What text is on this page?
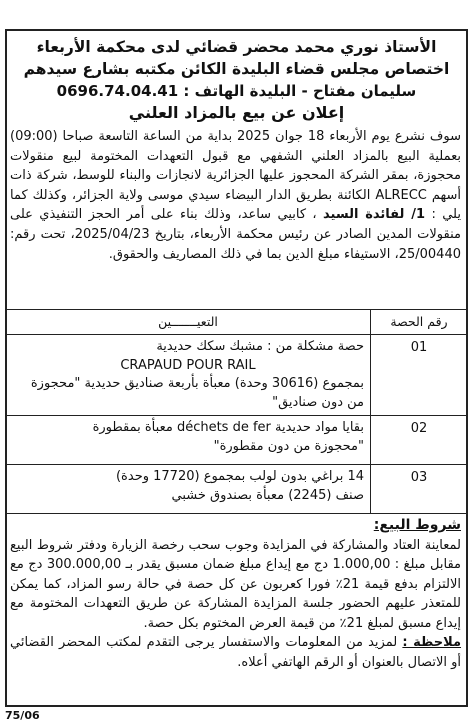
الأستاذ نوري محمد محضر قضائي لدى محكمة الأربعاء
اختصاص مجلس قضاء البليدة الكائن مكتبه بشارع سيدهم
سليمان مفتاح - البليدة الهاتف : 0696.74.04.41
إعلان عن بيع بالمزاد العلني
سوف نشرع يوم الأربعاء 18 جوان 2025 بداية من الساعة التاسعة صباحا (09:00) بعملية البيع بالمزاد العلني الشفهي مع قبول التعهدات المختومة لبيع منقولات محجوزة، بمقر الشركة المحجوز عليها الجزائرية لانجازات والبناء للوسط، شركة ذات أسهم ALRECC الكائنة بطريق الدار البيضاء سيدي موسى ولاية الجزائر، وكذلك كما يلي : 1/ لفائدة السيد ، كابيي ساعد، وذلك بناء على أمر الحجز التنفيذي على منقولات المدين الصادر عن رئيس محكمة الأربعاء، بتاريخ 2025/04/23، تحت رقم: 25/00440، الاستيفاء مبلغ الدين بما في ذلك المصاريف والحقوق.
رقم الحصة	التعيـــــــين

01	حصة مشكلة من : مشبك سكك حديدية
CRAPAUD POUR RAIL
بمجموع (30616 وحدة) معبأة بأربعة صناديق حديدية "محجوزة من دون صناديق"

02	بقايا مواد حديدية déchets de fer معبأة بمقطورة
"محجوزة من دون مقطورة"

03	14 براغي بدون لولب بمجموع (17720 وحدة)
صنف (2245) معبأة بصندوق خشبي
شروط البيع:
لمعاينة العتاد والمشاركة في المزايدة وجوب سحب رخصة الزيارة ودفتر شروط البيع مقابل مبلغ : 1.000,00 دج مع إيداع مبلغ ضمان مسبق يقدر بـ 300.000,00 دج مع الالتزام بدفع قيمة 21٪ فورا كعربون عن كل حصة في حالة رسو المزاد، كما يمكن للمتعذر عليهم الحضور جلسة المزايدة المشاركة عن طريق التعهدات المختومة مع إيداع مسبق لمبلغ 21٪ من قيمة العرض المختوم بكل حصة.
ملاحظة : لمزيد من المعلومات والاستفسار يرجى التقدم لمكتب المحضر القضائي أو الاتصال بالعنوان أو الرقم الهاتفي أعلاه.
75/06
